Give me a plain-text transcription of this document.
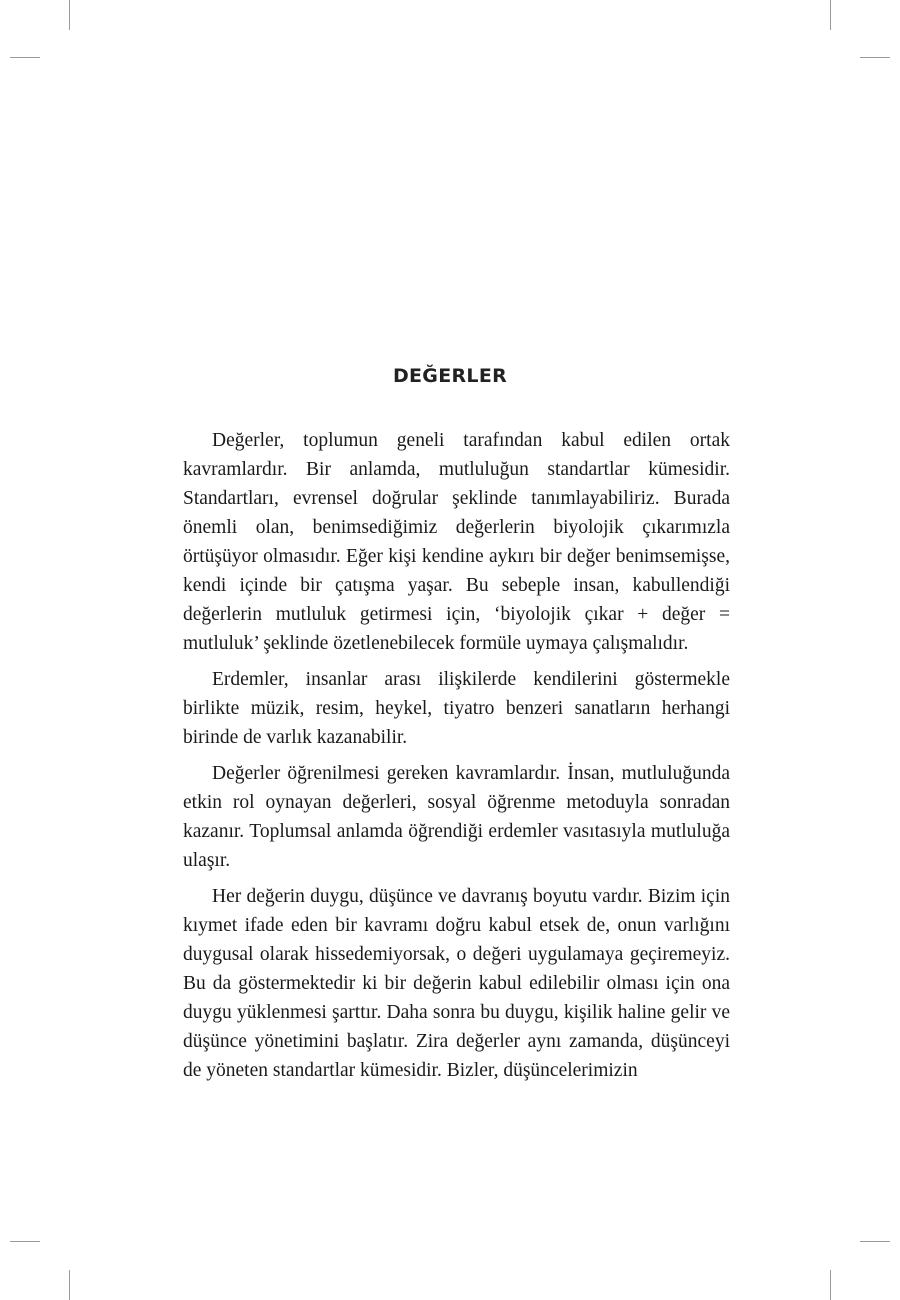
DEĞERLER

Değerler, toplumun geneli tarafından kabul edilen ortak kavramlardır. Bir anlamda, mutluluğun standartlar kümesidir. Standartları, evrensel doğrular şeklinde tanımlayabiliriz. Burada önemli olan, benimsediğimiz değerlerin biyolojik çıkarımızla örtüşüyor olmasıdır. Eğer kişi kendine aykırı bir değer benimsemişse, kendi içinde bir çatışma yaşar. Bu sebeple insan, kabullendiği değerlerin mutluluk getirmesi için, ‘biyolojik çıkar + değer = mutluluk’ şeklinde özetlenebilecek formüle uymaya çalışmalıdır.

Erdemler, insanlar arası ilişkilerde kendilerini göstermekle birlikte müzik, resim, heykel, tiyatro benzeri sanatların herhangi birinde de varlık kazanabilir.

Değerler öğrenilmesi gereken kavramlardır. İnsan, mutluluğunda etkin rol oynayan değerleri, sosyal öğrenme metoduyla sonradan kazanır. Toplumsal anlamda öğrendiği erdemler vasıtasıyla mutluluğa ulaşır.

Her değerin duygu, düşünce ve davranış boyutu vardır. Bizim için kıymet ifade eden bir kavramı doğru kabul etsek de, onun varlığını duygusal olarak hissedemiyorsak, o değeri uygulamaya geçiremeyiz. Bu da göstermektedir ki bir değerin kabul edilebilir olması için ona duygu yüklenmesi şarttır. Daha sonra bu duygu, kişilik haline gelir ve düşünce yönetimini başlatır. Zira değerler aynı zamanda, düşünceyi de yöneten standartlar kümesidir. Bizler, düşüncelerimizin
